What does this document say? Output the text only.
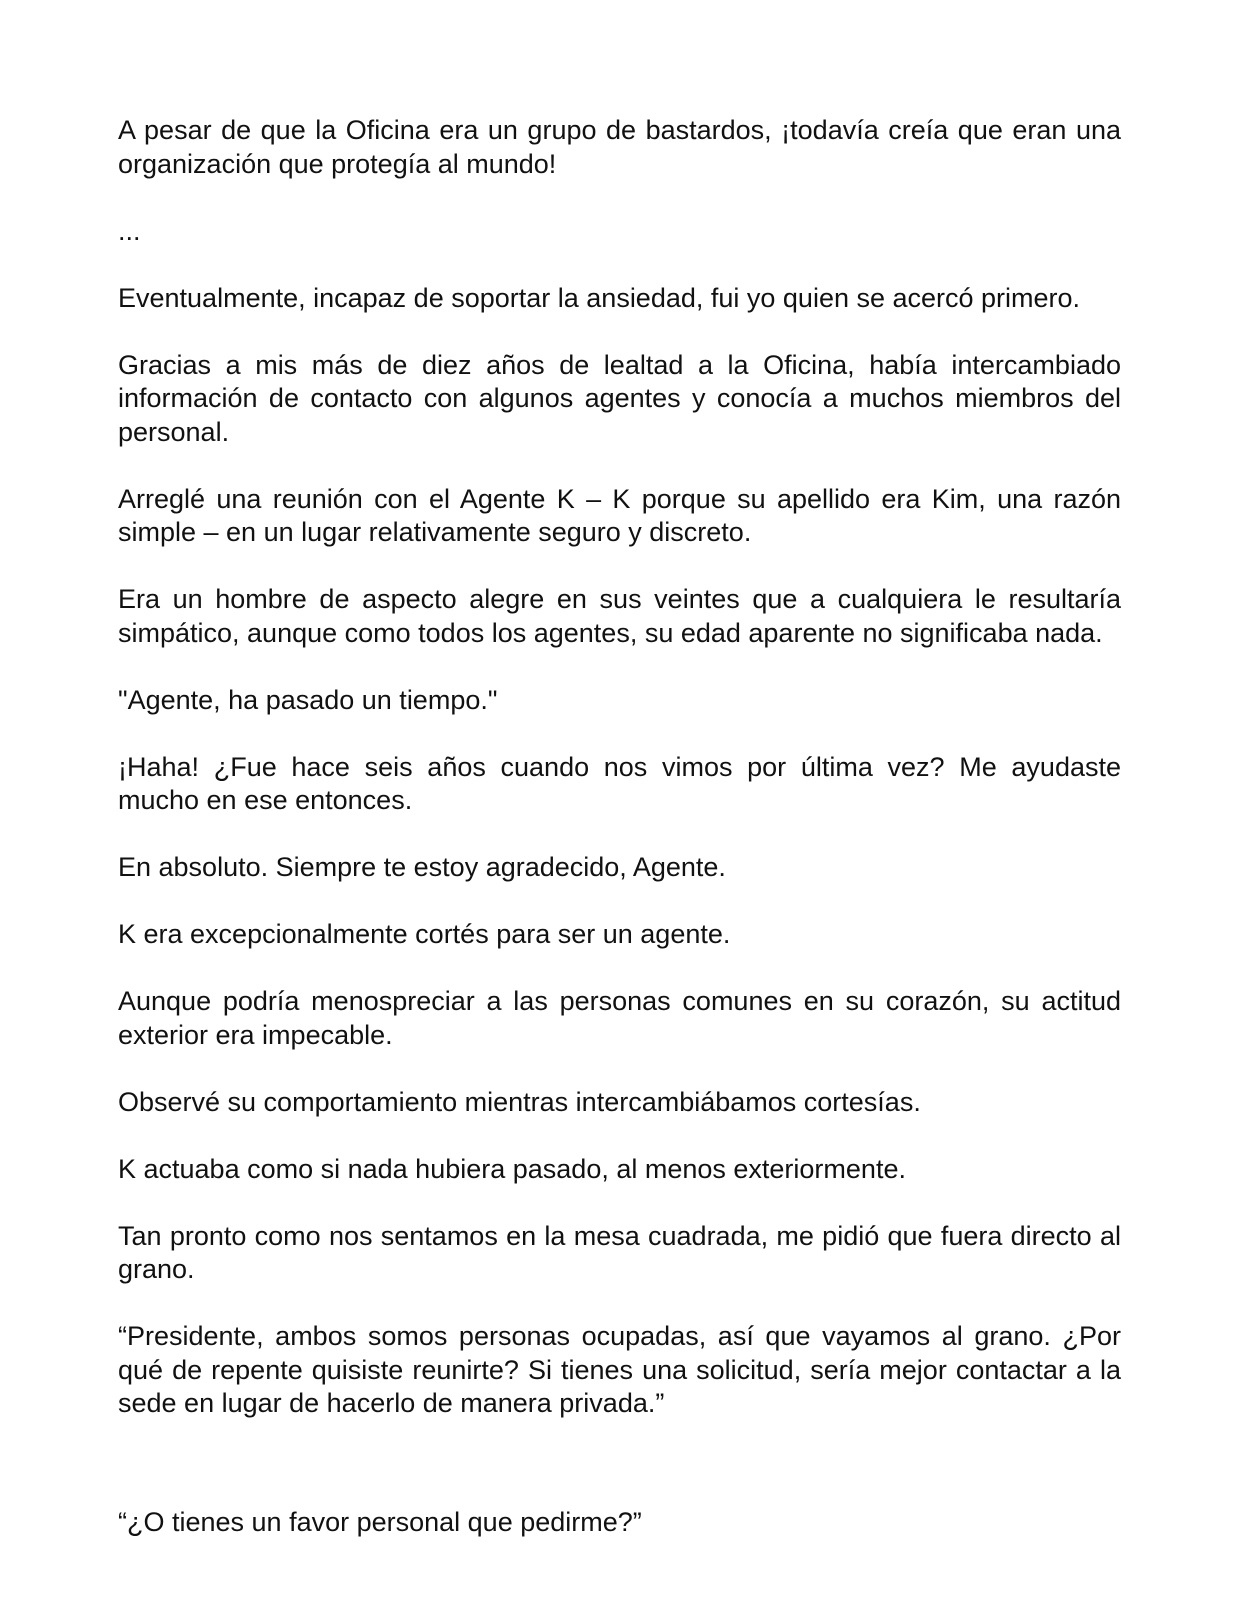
A pesar de que la Oficina era un grupo de bastardos, ¡todavía creía que eran una organización que protegía al mundo!

...

Eventualmente, incapaz de soportar la ansiedad, fui yo quien se acercó primero.

Gracias a mis más de diez años de lealtad a la Oficina, había intercambiado información de contacto con algunos agentes y conocía a muchos miembros del personal.

Arreglé una reunión con el Agente K – K porque su apellido era Kim, una razón simple – en un lugar relativamente seguro y discreto.

Era un hombre de aspecto alegre en sus veintes que a cualquiera le resultaría simpático, aunque como todos los agentes, su edad aparente no significaba nada.

"Agente, ha pasado un tiempo."

¡Haha! ¿Fue hace seis años cuando nos vimos por última vez? Me ayudaste mucho en ese entonces.

En absoluto. Siempre te estoy agradecido, Agente.

K era excepcionalmente cortés para ser un agente.

Aunque podría menospreciar a las personas comunes en su corazón, su actitud exterior era impecable.

Observé su comportamiento mientras intercambiábamos cortesías.

K actuaba como si nada hubiera pasado, al menos exteriormente.

Tan pronto como nos sentamos en la mesa cuadrada, me pidió que fuera directo al grano.

“Presidente, ambos somos personas ocupadas, así que vayamos al grano. ¿Por qué de repente quisiste reunirte? Si tienes una solicitud, sería mejor contactar a la sede en lugar de hacerlo de manera privada.”

“¿O tienes un favor personal que pedirme?”
